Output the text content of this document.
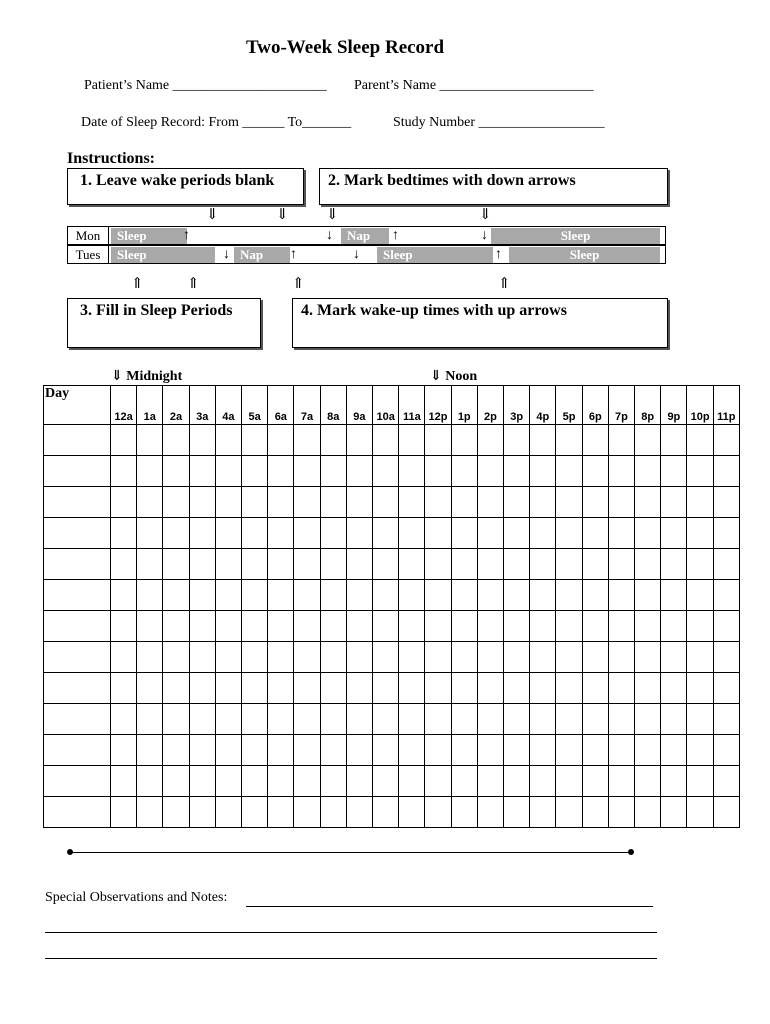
Two-Week Sleep Record
Patient’s Name ______________________ Parent’s Name ______________________
Date of Sleep Record: From ______ To_______	Study Number __________________
Instructions:
1. Leave wake periods blank	2. Mark bedtimes with down arrows
⇓	⇓ ⇓	⇓
Mon	Sleep	↑	↓	Nap	↑	↓	Sleep
Tues	Sleep	↓ Nap	↑	↓	Sleep	↑	Sleep
⇑	⇑	⇑	⇑
3. Fill in Sleep Periods	4. Mark wake-up times with up arrows
⇓ Midnight	⇓ Noon
Day	12a	1a	2a	3a	4a	5a	6a	7a	8a	9a	10a	11a	12p	1p	2p	3p	4p	5p	6p	7p	8p	9p	10p	11p

Special Observations and Notes:
